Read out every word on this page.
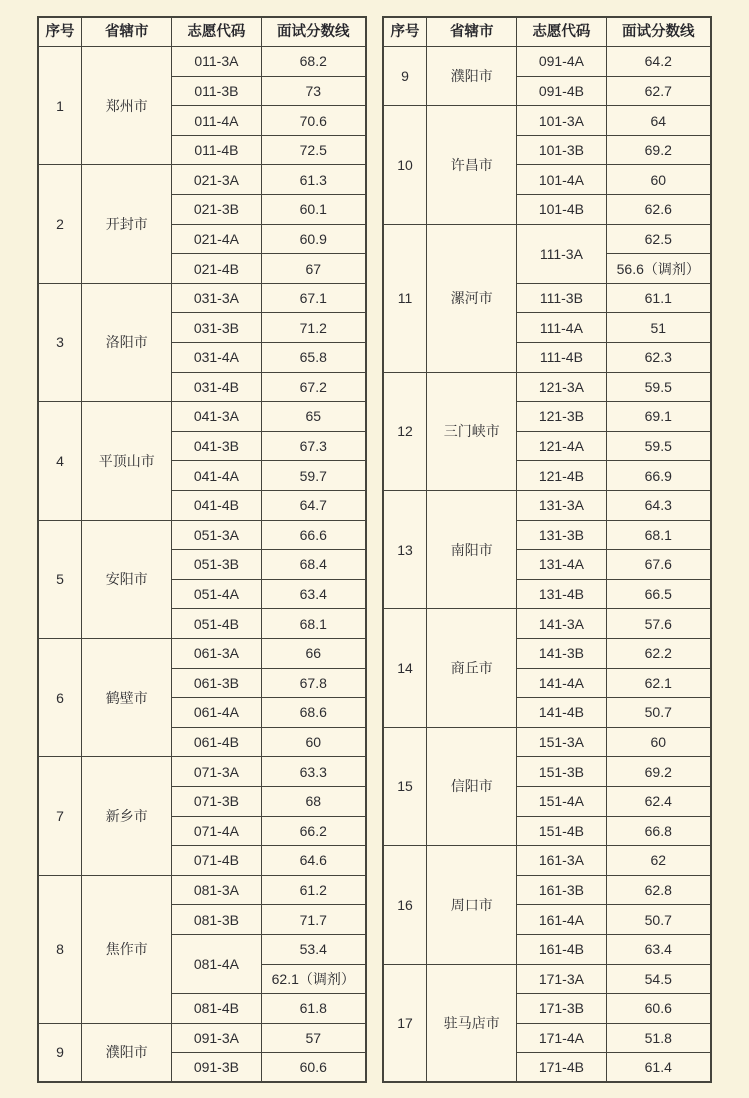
序号	省辖市	志愿代码	面试分数线
1	郑州市	011-3A	68.2
		011-3B	73
		011-4A	70.6
		011-4B	72.5
2	开封市	021-3A	61.3
		021-3B	60.1
		021-4A	60.9
		021-4B	67
3	洛阳市	031-3A	67.1
		031-3B	71.2
		031-4A	65.8
		031-4B	67.2
4	平顶山市	041-3A	65
		041-3B	67.3
		041-4A	59.7
		041-4B	64.7
5	安阳市	051-3A	66.6
		051-3B	68.4
		051-4A	63.4
		051-4B	68.1
6	鹤壁市	061-3A	66
		061-3B	67.8
		061-4A	68.6
		061-4B	60
7	新乡市	071-3A	63.3
		071-3B	68
		071-4A	66.2
		071-4B	64.6
8	焦作市	081-3A	61.2
		081-3B	71.7
		081-4A	53.4
			62.1（调剂）
		081-4B	61.8
9	濮阳市	091-3A	57
		091-3B	60.6
序号	省辖市	志愿代码	面试分数线
9	濮阳市	091-4A	64.2
		091-4B	62.7
10	许昌市	101-3A	64
		101-3B	69.2
		101-4A	60
		101-4B	62.6
11	漯河市	111-3A	62.5
			56.6（调剂）
		111-3B	61.1
		111-4A	51
		111-4B	62.3
12	三门峡市	121-3A	59.5
		121-3B	69.1
		121-4A	59.5
		121-4B	66.9
13	南阳市	131-3A	64.3
		131-3B	68.1
		131-4A	67.6
		131-4B	66.5
14	商丘市	141-3A	57.6
		141-3B	62.2
		141-4A	62.1
		141-4B	50.7
15	信阳市	151-3A	60
		151-3B	69.2
		151-4A	62.4
		151-4B	66.8
16	周口市	161-3A	62
		161-3B	62.8
		161-4A	50.7
		161-4B	63.4
17	驻马店市	171-3A	54.5
		171-3B	60.6
		171-4A	51.8
		171-4B	61.4
